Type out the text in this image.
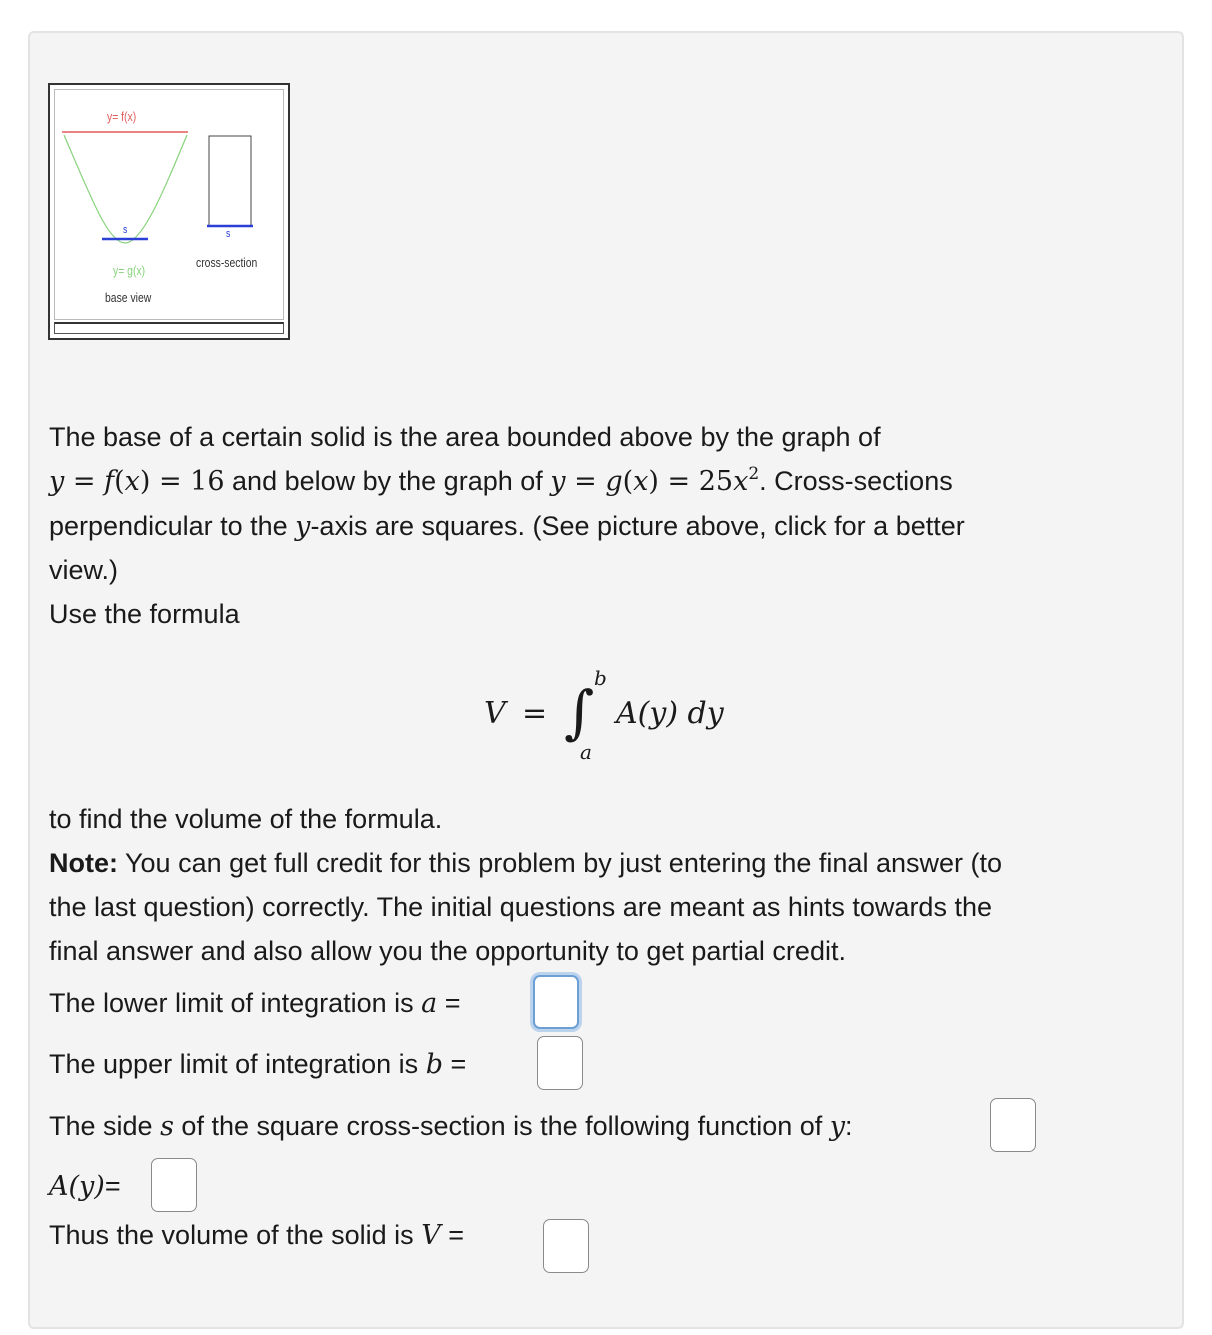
y= f(x)
s	s
y= g(x)
cross-section
base view
The base of a certain solid is the area bounded above by the graph of
y = f(x) = 16 and below by the graph of $y = g(x) = 25x^2$. Cross-sections
perpendicular to the y-axis are squares. (See picture above, click for a better
view.)
Use the formula
V = ∫ b
a
A(y) dy
to find the volume of the formula.
Note: You can get full credit for this problem by just entering the final answer (to
the last question) correctly. The initial questions are meant as hints towards the
final answer and also allow you the opportunity to get partial credit.
The lower limit of integration is a =
The upper limit of integration is b =
The side s of the square cross-section is the following function of y:
A(y)=
Thus the volume of the solid is V =
